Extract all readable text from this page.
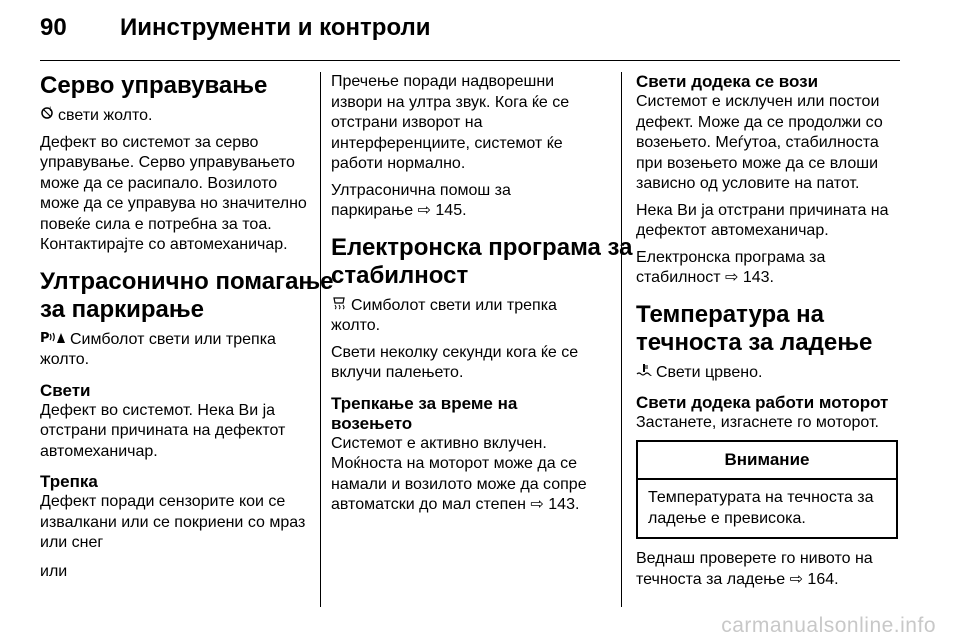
90	Иинструменти и контроли
Серво управување
! свети жолто.
Дефект во системот за серво
управување. Серво управувањето
може да се расипало. Возилото
може да се управува но значително
повеќе сила е потребна за тоа.
Контактирајте со автомеханичар.
Ултрасонично помагање
за паркирање
P Симболот свети или трепка
жолто.
Свети
Дефект во системот. Нека Ви ја
отстрани причината на дефектот
автомеханичар.
Трепка
Дефект поради сензорите кои се
извалкани или се покриени со мраз
или снег
или
Пречење поради надворешни
извори на ултра звук. Кога ќе се
отстрани изворот на
интерференциите, системот ќе
работи нормално.
Ултрасонична помош за
паркирање ⇨ 145.
Електронска програма за
стабилност
Симболот свети или трепка
жолто.
Свети неколку секунди кога ќе се
вклучи палењето.
Трепкање за време на
возењето
Системот е активно вклучен.
Моќноста на моторот може да се
намали и возилото може да сопре
автоматски до мал степен ⇨ 143.
Свети додека се вози
Системот е исклучен или постои
дефект. Може да се продолжи со
возењето. Меѓутоа, стабилноста
при возењето може да се влоши
зависно од условите на патот.
Нека Ви ја отстрани причината на
дефектот автомеханичар.
Електронска програма за
стабилност ⇨ 143.
Температура на
течноста за ладење
Свети црвено.
Свети додека работи моторот
Застанете, изгаснете го моторот.
Внимание
Температурата на течноста за
ладење е превисока.
Веднаш проверете го нивото на
течноста за ладење ⇨ 164.
carmanualsonline.info
